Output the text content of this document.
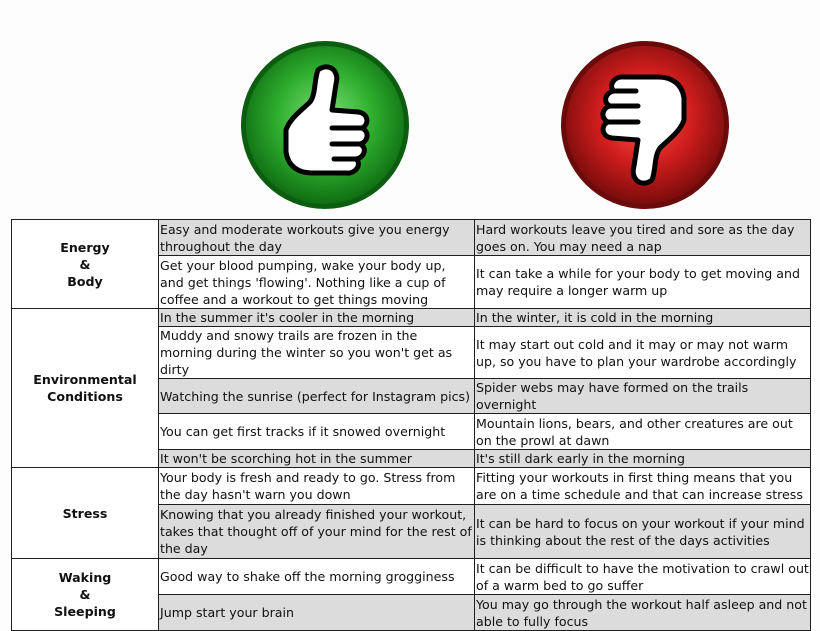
Energy
&
Body	Easy and moderate workouts give you energy throughout the day	Hard workouts leave you tired and sore as the day goes on. You may need a nap
	Get your blood pumping, wake your body up, and get things 'flowing'. Nothing like a cup of coffee and a workout to get things moving	It can take a while for your body to get moving and may require a longer warm up

Environmental
Conditions	In the summer it's cooler in the morning	In the winter, it is cold in the morning
	Muddy and snowy trails are frozen in the morning during the winter so you won't get as dirty	It may start out cold and it may or may not warm up, so you have to plan your wardrobe accordingly
	Watching the sunrise (perfect for Instagram pics)	Spider webs may have formed on the trails overnight
	You can get first tracks if it snowed overnight	Mountain lions, bears, and other creatures are out on the prowl at dawn
	It won't be scorching hot in the summer	It's still dark early in the morning

Stress	Your body is fresh and ready to go. Stress from the day hasn't warn you down	Fitting your workouts in first thing means that you are on a time schedule and that can increase stress
	Knowing that you already finished your workout, takes that thought off of your mind for the rest of the day	It can be hard to focus on your workout if your mind is thinking about the rest of the days activities

Waking
&
Sleeping	Good way to shake off the morning grogginess	It can be difficult to have the motivation to crawl out of a warm bed to go suffer
	Jump start your brain	You may go through the workout half asleep and not able to fully focus
